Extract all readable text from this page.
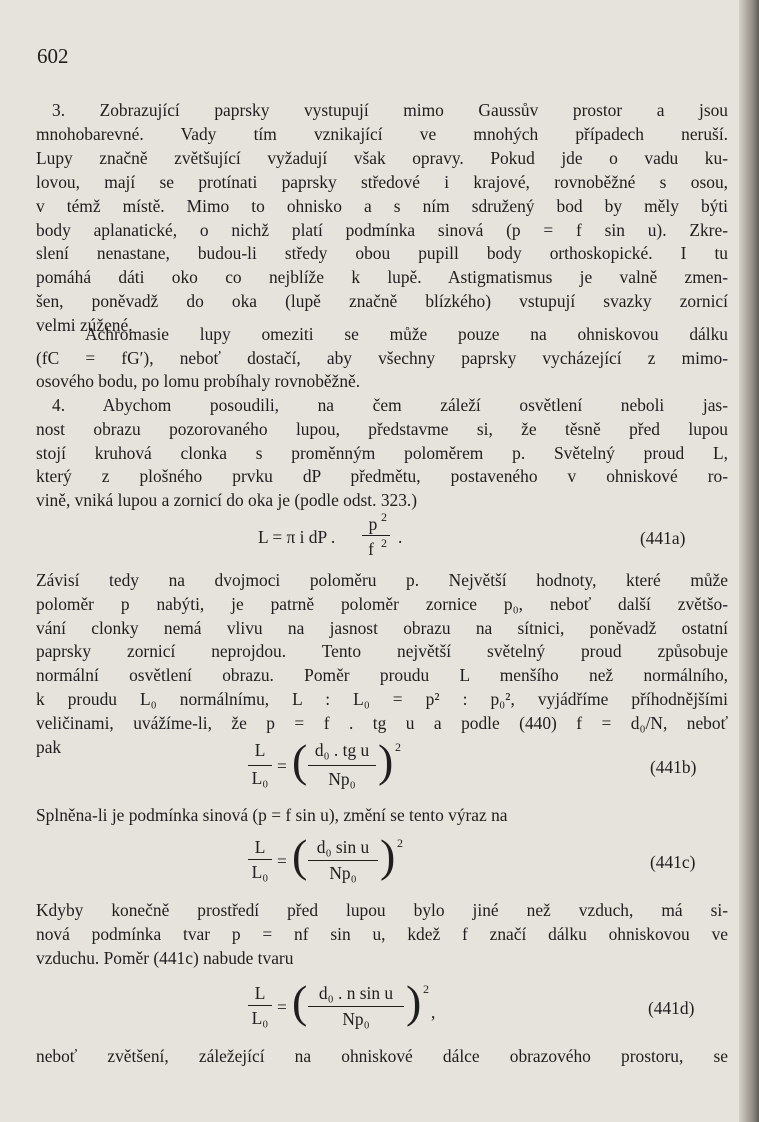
602
3. Zobrazující paprsky vystupují mimo Gaussův prostor a jsou
mnohobarevné. Vady tím vznikající ve mnohých případech neruší.
Lupy značně zvětšující vyžadují však opravy. Pokud jde o vadu ku-
lovou, mají se protínati paprsky středové i krajové, rovnoběžné s osou,
v témž místě. Mimo to ohnisko a s ním sdružený bod by měly býti
body aplanatické, o nichž platí podmínka sinová (p = f sin u). Zkre-
slení nenastane, budou-li středy obou pupill body orthoskopické. I tu
pomáhá dáti oko co nejblíže k lupě. Astigmatismus je valně zmen-
šen, poněvadž do oka (lupě značně blízkého) vstupují svazky zornicí
velmi zúžené.
Achromasie lupy omeziti se může pouze na ohniskovou dálku
(fC = fG′), neboť dostačí, aby všechny paprsky vycházející z mimo-
osového bodu, po lomu probíhaly rovnoběžně.
4. Abychom posoudili, na čem záleží osvětlení neboli jas-
nost obrazu pozorovaného lupou, představme si, že těsně před lupou
stojí kruhová clonka s proměnným poloměrem p. Světelný proud L,
který z plošného prvku dP předmětu, postaveného v ohniskové ro-
vině, vniká lupou a zornicí do oka je (podle odst. 323.)
L = π i dP .
p 2
f 2 .	(441a)
Závisí tedy na dvojmoci poloměru p. Největší hodnoty, které může
poloměr p nabýti, je patrně poloměr zornice p₀, neboť další zvětšo-
vání clonky nemá vlivu na jasnost obrazu na sítnici, poněvadž ostatní
paprsky zornicí neprojdou. Tento největší světelný proud způsobuje
normální osvětlení obrazu. Poměr proudu L menšího než normálního,
k proudu L₀ normálnímu, L : L₀ = p² : p₀², vyjádříme příhodnějšími
veličinami, uvážíme-li, že p = f . tg u a podle (440) f = d₀/N, neboť
pak	L
L₀
= ( d₀ . tg u
Np₀ ) 2
(441b)
Splněna-li je podmínka sinová (p = f sin u), změní se tento výraz na
L
L₀
= ( d₀ sin u
Np₀ ) 2
(441c)
Kdyby konečně prostředí před lupou bylo jiné než vzduch, má si-
nová podmínka tvar p = nf sin u, kdež f značí dálku ohniskovou ve
vzduchu. Poměr (441c) nabude tvaru
L
L₀
= ( d₀ . n sin u
Np₀ ) 2
,	(441d)
neboť zvětšení, záležející na ohniskové dálce obrazového prostoru, se
